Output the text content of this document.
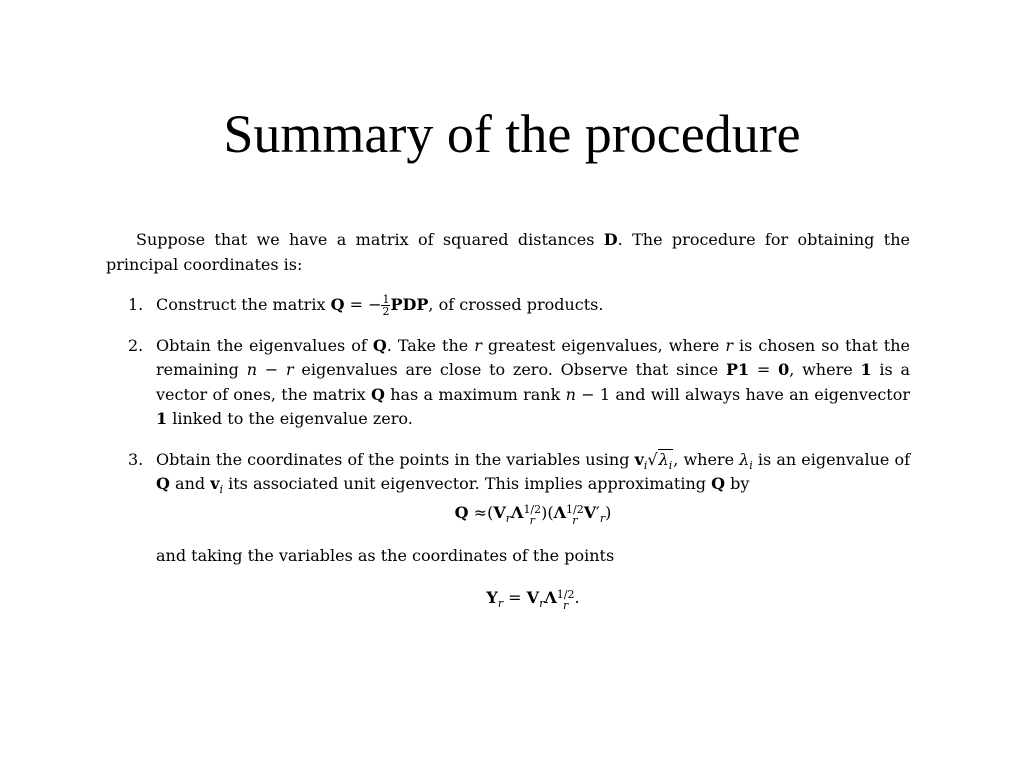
Summary of the procedure

Suppose that we have a matrix of squared distances D. The procedure for obtaining the principal coordinates is:

1. Construct the matrix Q = − $\frac{1}{2}$ PDP, of crossed products.
2. Obtain the eigenvalues of Q. Take the r greatest eigenvalues, where r is chosen so that the remaining n − r eigenvalues are close to zero. Observe that since P1 = 0, where 1 is a vector of ones, the matrix Q has a maximum rank n − 1 and will always have an eigenvector 1 linked to the eigenvalue zero.
3. Obtain the coordinates of the points in the variables using $v_i√\lambda_i$, where $\lambda_i$ is an eigenvalue of Q and $v_i$ its associated unit eigenvector. This implies approximating Q by
$Q \approx(V_r\Lambda$ 1/2
r )(Λ 1/2
r $V'_r$)
and taking the variables as the coordinates of the points
$Y_r = V_r\Lambda$ 1/2
r .
